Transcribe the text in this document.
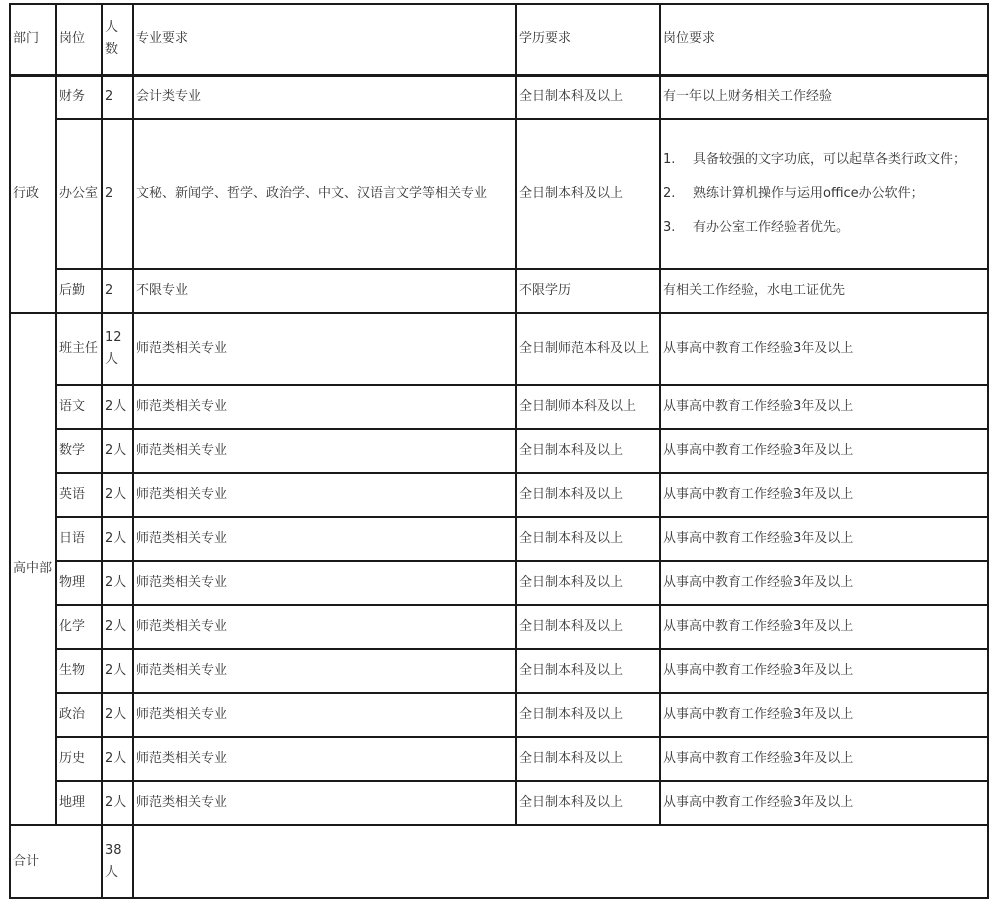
部门	岗位	人数	专业要求	学历要求	岗位要求
行政	财务	2	会计类专业	全日制本科及以上	有一年以上财务相关工作经验
	办公室	2	文秘、新闻学、哲学、政治学、中文、汉语言文学等相关专业	全日制本科及以上	1. 具备较强的文字功底，可以起草各类行政文件；
2. 熟练计算机操作与运用office办公软件；
3. 有办公室工作经验者优先。

	后勤	2	不限专业	不限学历	有相关工作经验，水电工证优先
高中部	班主任	12人	师范类相关专业	全日制师范本科及以上	从事高中教育工作经验3年及以上
	语文	2人	师范类相关专业	全日制师本科及以上	从事高中教育工作经验3年及以上
	数学	2人	师范类相关专业	全日制本科及以上	从事高中教育工作经验3年及以上
	英语	2人	师范类相关专业	全日制本科及以上	从事高中教育工作经验3年及以上
	日语	2人	师范类相关专业	全日制本科及以上	从事高中教育工作经验3年及以上
	物理	2人	师范类相关专业	全日制本科及以上	从事高中教育工作经验3年及以上
	化学	2人	师范类相关专业	全日制本科及以上	从事高中教育工作经验3年及以上
	生物	2人	师范类相关专业	全日制本科及以上	从事高中教育工作经验3年及以上
	政治	2人	师范类相关专业	全日制本科及以上	从事高中教育工作经验3年及以上
	历史	2人	师范类相关专业	全日制本科及以上	从事高中教育工作经验3年及以上
	地理	2人	师范类相关专业	全日制本科及以上	从事高中教育工作经验3年及以上
合计		38人			
